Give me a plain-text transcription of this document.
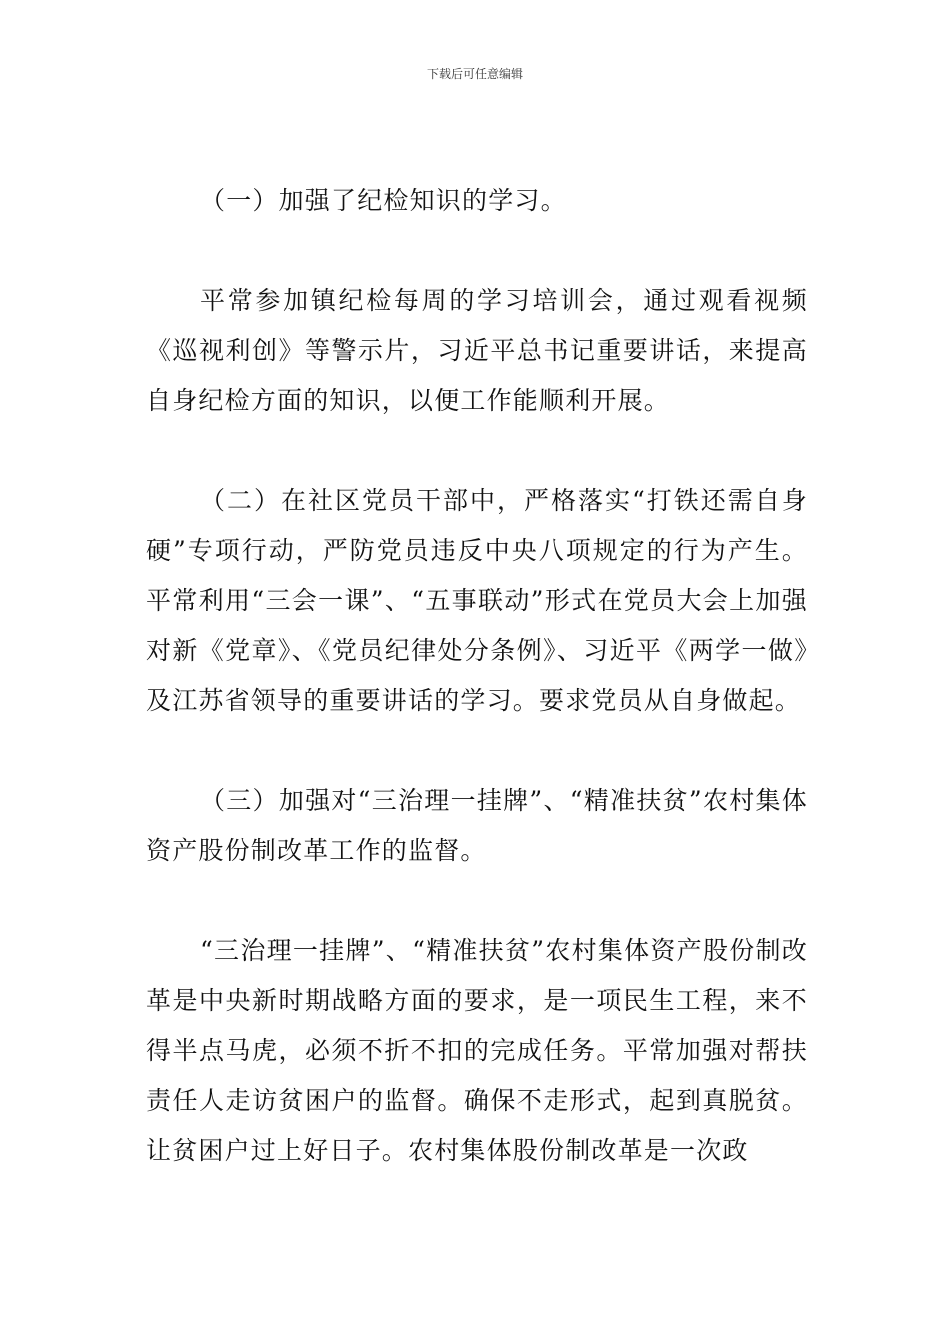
下载后可任意编辑

（一）加强了纪检知识的学习。

平常参加镇纪检每周的学习培训会，通过观看视频《巡视利创》等警示片，习近平总书记重要讲话，来提高自身纪检方面的知识，以便工作能顺利开展。

（二）在社区党员干部中，严格落实“打铁还需自身硬”专项行动，严防党员违反中央八项规定的行为产生。平常利用“三会一课”、“五事联动”形式在党员大会上加强对新《党章》、《党员纪律处分条例》、习近平《两学一做》及江苏省领导的重要讲话的学习。要求党员从自身做起。

（三）加强对“三治理一挂牌”、“精准扶贫”农村集体资产股份制改革工作的监督。

“三治理一挂牌”、“精准扶贫”农村集体资产股份制改革是中央新时期战略方面的要求，是一项民生工程，来不得半点马虎，必须不折不扣的完成任务。平常加强对帮扶责任人走访贫困户的监督。确保不走形式，起到真脱贫。让贫困户过上好日子。农村集体股份制改革是一次政
